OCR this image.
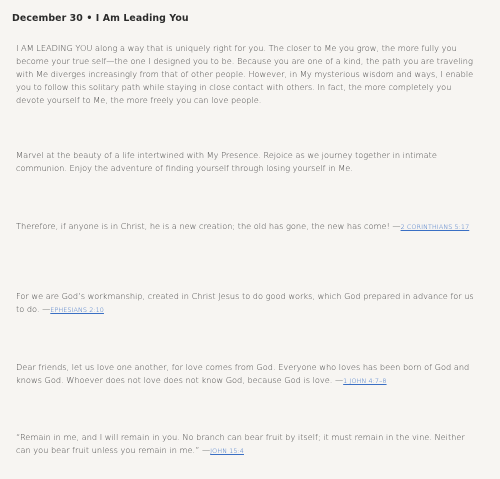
December 30 • I Am Leading You

I AM LEADING YOU along a way that is uniquely right for you. The closer to Me you grow, the more fully you become your true self—the one I designed you to be. Because you are one of a kind, the path you are traveling with Me diverges increasingly from that of other people. However, in My mysterious wisdom and ways, I enable you to follow this solitary path while staying in close contact with others. In fact, the more completely you devote yourself to Me, the more freely you can love people.

Marvel at the beauty of a life intertwined with My Presence. Rejoice as we journey together in intimate communion. Enjoy the adventure of finding yourself through losing yourself in Me.

Therefore, if anyone is in Christ, he is a new creation; the old has gone, the new has come! —2 CORINTHIANS 5:17

For we are God’s workmanship, created in Christ Jesus to do good works, which God prepared in advance for us to do. —EPHESIANS 2:10

Dear friends, let us love one another, for love comes from God. Everyone who loves has been born of God and knows God. Whoever does not love does not know God, because God is love. —1 JOHN 4:7–8

“Remain in me, and I will remain in you. No branch can bear fruit by itself; it must remain in the vine. Neither can you bear fruit unless you remain in me.” —JOHN 15:4
